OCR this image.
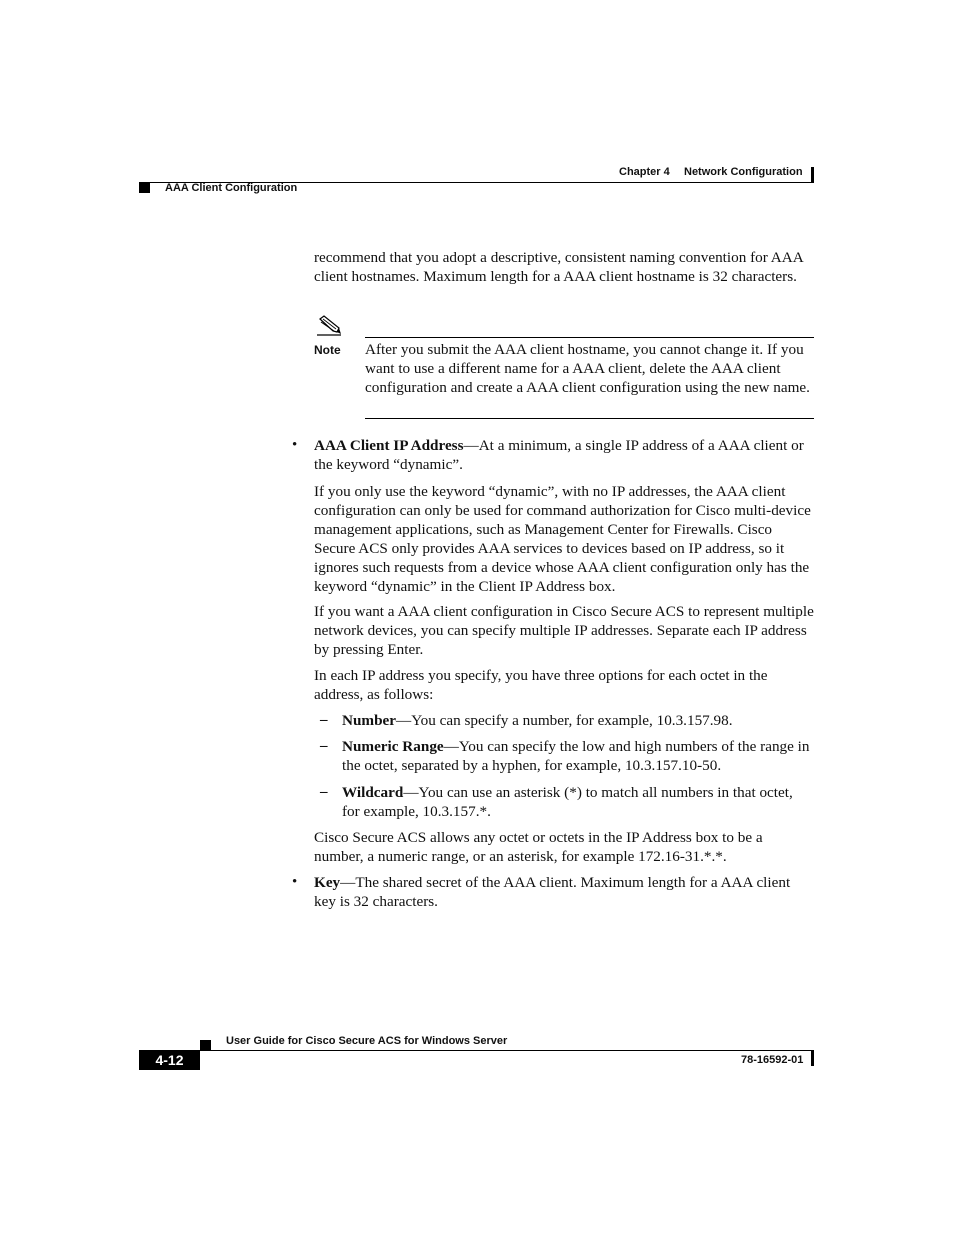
Chapter 4 Network Configuration
AAA Client Configuration

recommend that you adopt a descriptive, consistent naming convention for AAA client hostnames. Maximum length for a AAA client hostname is 32 characters.

Note After you submit the AAA client hostname, you cannot change it. If you want to use a different name for a AAA client, delete the AAA client configuration and create a AAA client configuration using the new name.

• AAA Client IP Address—At a minimum, a single IP address of a AAA client or the keyword “dynamic”.

If you only use the keyword “dynamic”, with no IP addresses, the AAA client configuration can only be used for command authorization for Cisco multi-device management applications, such as Management Center for Firewalls. Cisco Secure ACS only provides AAA services to devices based on IP address, so it ignores such requests from a device whose AAA client configuration only has the keyword “dynamic” in the Client IP Address box.

If you want a AAA client configuration in Cisco Secure ACS to represent multiple network devices, you can specify multiple IP addresses. Separate each IP address by pressing Enter.

In each IP address you specify, you have three options for each octet in the address, as follows:

– Number—You can specify a number, for example, 10.3.157.98.

– Numeric Range—You can specify the low and high numbers of the range in the octet, separated by a hyphen, for example, 10.3.157.10-50.

– Wildcard—You can use an asterisk (*) to match all numbers in that octet, for example, 10.3.157.*.

Cisco Secure ACS allows any octet or octets in the IP Address box to be a number, a numeric range, or an asterisk, for example 172.16-31.*.*.

• Key—The shared secret of the AAA client. Maximum length for a AAA client key is 32 characters.

User Guide for Cisco Secure ACS for Windows Server
4-12	78-16592-01
